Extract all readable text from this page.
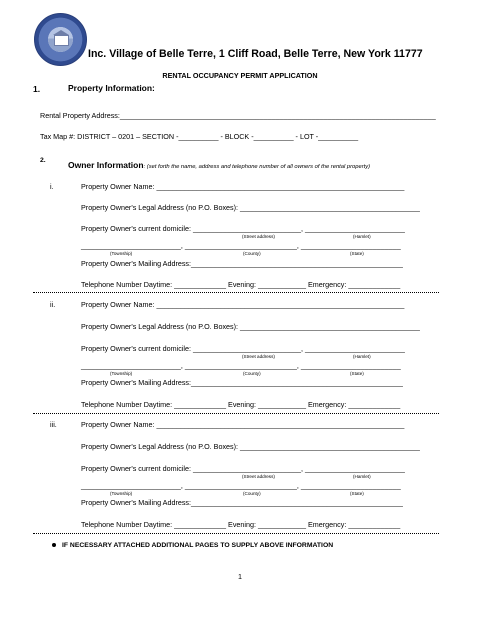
Inc. Village of Belle Terre, 1 Cliff Road, Belle Terre, New York 11777
RENTAL OCCUPANCY PERMIT APPLICATION
1.	Property Information:
Rental Property Address:_______________________________________________________________________________
Tax Map #: DISTRICT – 0201 – SECTION -__________ - BLOCK -__________ - LOT -__________
2.	Owner Information: (set forth the name, address and telephone number of all owners of the rental property)
i.	Property Owner Name: ______________________________________________________________
Property Owner's Legal Address (no P.O. Boxes): _____________________________________________
Property Owner's current domicile: ___________________________, _________________________
(Street address)	(Hamlet)
_________________________, ____________________________, _________________________
(Township)	(County)	(State)
Property Owner's Mailing Address:_____________________________________________________
Telephone Number Daytime: _____________ Evening: ____________ Emergency: _____________
ii.	Property Owner Name: ______________________________________________________________
Property Owner's Legal Address (no P.O. Boxes): _____________________________________________
Property Owner's current domicile: ___________________________, _________________________
(Street address)	(Hamlet)
_________________________, ____________________________, _________________________
(Township)	(County)	(State)
Property Owner's Mailing Address:_____________________________________________________
Telephone Number Daytime: _____________ Evening: ____________ Emergency: _____________
iii.	Property Owner Name: ______________________________________________________________
Property Owner's Legal Address (no P.O. Boxes): _____________________________________________
Property Owner's current domicile: ___________________________, _________________________
(Street address)	(Hamlet)
_________________________, ____________________________, _________________________
(Township)	(County)	(State)
Property Owner's Mailing Address:_____________________________________________________
Telephone Number Daytime: _____________ Evening: ____________ Emergency: _____________
IF NECESSARY ATTACHED ADDITIONAL PAGES TO SUPPLY ABOVE INFORMATION
1
